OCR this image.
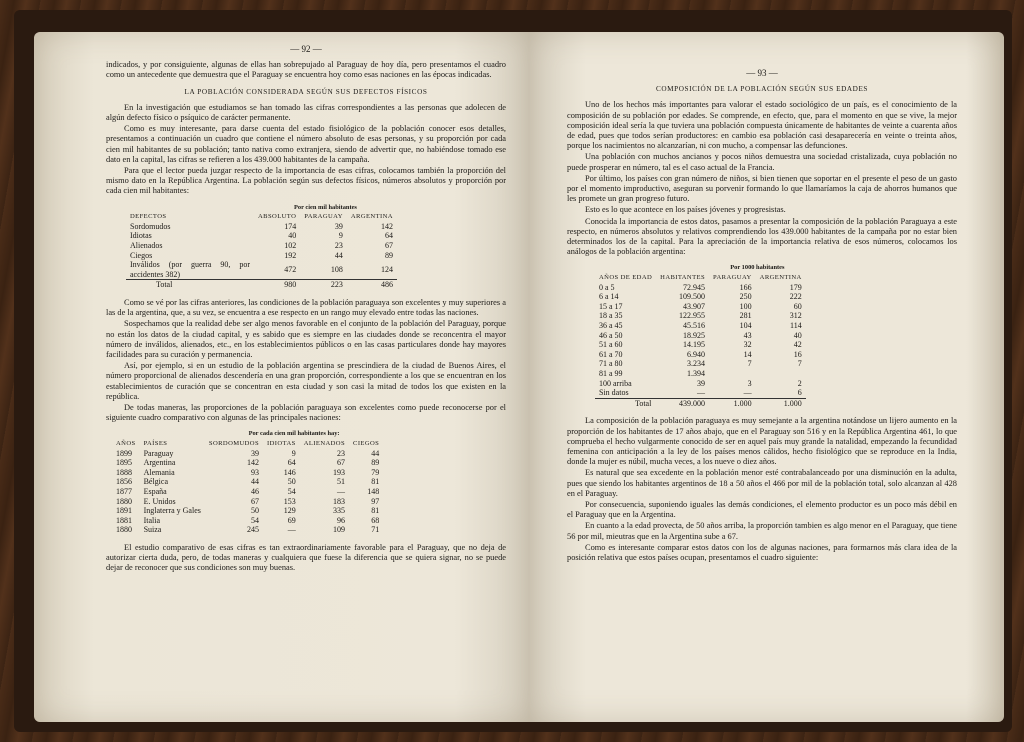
— 92 —

indicados, y por consiguiente, algunas de ellas han sobrepujado al Paraguay de hoy día, pero presentamos el cuadro como un antecedente que demuestra que el Paraguay se encuentra hoy como esas naciones en las épocas indicadas.

LA POBLACIÓN CONSIDERADA SEGÚN SUS DEFECTOS FÍSICOS

En la investigación que estudiamos se han tomado las cifras correspondientes a las personas que adolecen de algún defecto físico o psíquico de carácter permanente.

Como es muy interesante, para darse cuenta del estado fisiológico de la población conocer esos detalles, presentamos a continuación un cuadro que contiene el número absoluto de esas personas, y su proporción por cada cien mil habitantes de su población; tanto nativa como extranjera, siendo de advertir que, no habiéndose tomado ese dato en la capital, las cifras se refieren a los 439.000 habitantes de la campaña.

Para que el lector pueda juzgar respecto de la importancia de esas cifras, colocamos también la proporción del mismo dato en la República Argentina. La población según sus defectos físicos, números absolutos y proporción por cada cien mil habitantes:

	Por cien mil habitantes		
DEFECTOS	ABSOLUTO	PARAGUAY	ARGENTINA
Sordomudos	174	39	142
Idiotas	40	9	64
Alienados	102	23	67
Ciegos	192	44	89
Inválidos (por guerra 90, por accidentes 382)	472	108	124
Total	980	223	486

Como se vé por las cifras anteriores, las condiciones de la población paraguaya son excelentes y muy superiores a las de la argentina, que, a su vez, se encuentra a ese respecto en un rango muy elevado entre todas las naciones.

Sospechamos que la realidad debe ser algo menos favorable en el conjunto de la población del Paraguay, porque no están los datos de la ciudad capital, y es sabido que es siempre en las ciudades donde se reconcentra el mayor número de inválidos, alienados, etc., en los establecimientos públicos o en las casas particulares donde hay mayores facilidades para su curación y permanencia.

Así, por ejemplo, si en un estudio de la población argentina se prescindiera de la ciudad de Buenos Aires, el número proporcional de alienados descendería en una gran proporción, correspondiente a los que se encuentran en los establecimientos de curación que se concentran en esta ciudad y son casi la mitad de todos los que existen en la república.

De todas maneras, las proporciones de la población paraguaya son excelentes como puede reconocerse por el siguiente cuadro comparativo con algunas de las principales naciones:

		Por cada cien mil habitantes hay:			
AÑOS	PAÍSES	SORDOMUDOS	IDIOTAS	ALIENADOS	CIEGOS
1899	Paraguay	39	9	23	44
1895	Argentina	142	64	67	89
1888	Alemania	93	146	193	79
1856	Bélgica	44	50	51	81
1877	España	46	54	—	148
1880	E. Unidos	67	153	183	97
1891	Inglaterra y Gales	50	129	335	81
1881	Italia	54	69	96	68
1880	Suiza	245	—	109	71

El estudio comparativo de esas cifras es tan extraordinariamente favorable para el Paraguay, que no deja de autorizar cierta duda, pero, de todas maneras y cualquiera que fuese la diferencia que se quiera signar, no se puede dejar de reconocer que sus condiciones son muy buenas.

— 93 —
COMPOSICIÓN DE LA POBLACIÓN SEGÚN SUS EDADES

Uno de los hechos más importantes para valorar el estado sociológico de un país, es el conocimiento de la composición de su población por edades. Se comprende, en efecto, que, para el momento en que se vive, la mejor composición ideal sería la que tuviera una población compuesta únicamente de habitantes de veinte a cuarenta años de edad, pues que todos serían productores: en cambio esa población casi desaparecería en veinte o treinta años, porque los nacimientos no alcanzarían, ni con mucho, a compensar las defunciones.

Una población con muchos ancianos y pocos niños demuestra una sociedad cristalizada, cuya población no puede prosperar en número, tal es el caso actual de la Francia.

Por último, los países con gran número de niños, si bien tienen que soportar en el presente el peso de un gasto por el momento improductivo, aseguran su porvenir formando lo que llamaríamos la caja de ahorros humanos que les promete un gran progreso futuro.

Esto es lo que acontece en los países jóvenes y progresistas.

Conocida la importancia de estos datos, pasamos a presentar la composición de la población Paraguaya a este respecto, en números absolutos y relativos comprendiendo los 439.000 habitantes de la campaña por no estar bien determinados los de la capital. Para la apreciación de la importancia relativa de esos números, colocamos los análogos de la población argentina:

		Por 1000 habitantes	
AÑOS DE EDAD	HABITANTES	PARAGUAY	ARGENTINA
0 a 5	72.945	166	179
6 a 14	109.500	250	222
15 a 17	43.907	100	60
18 a 35	122.955	281	312
36 a 45	45.516	104	114
46 a 50	18.925	43	40
51 a 60	14.195	32	42
61 a 70	6.940	14	16
71 a 80	3.234	7	7
81 a 99	1.394		
100 arriba	39	3	2
Sin datos	—	—	6
Total	439.000	1.000	1.000

La composición de la población paraguaya es muy semejante a la argentina notándose un lijero aumento en la proporción de los habitantes de 17 años abajo, que en el Paraguay son 516 y en la República Argentina 461, lo que comprueba el hecho vulgarmente conocido de ser en aquel país muy grande la natalidad, empezando la fecundidad femenina con anticipación a la ley de los países menos cálidos, hecho fisiológico que se reproduce en la India, donde la mujer es núbil, mucha veces, a los nueve o diez años.

Es natural que sea excedente en la población menor esté contrabalanceado por una disminución en la adulta, pues que siendo los habitantes argentinos de 18 a 50 años el 466 por mil de la población total, solo alcanzan al 428 en el Paraguay.

Por consecuencia, suponiendo iguales las demás condiciones, el elemento productor es un poco más débil en el Paraguay que en la Argentina.

En cuanto a la edad provecta, de 50 años arriba, la proporción tambien es algo menor en el Paraguay, que tiene 56 por mil, mieutras que en la Argentina sube a 67.

Como es interesante comparar estos datos con los de algunas naciones, para formarnos más clara idea de la posición relativa que estos países ocupan, presentamos el cuadro siguiente:
